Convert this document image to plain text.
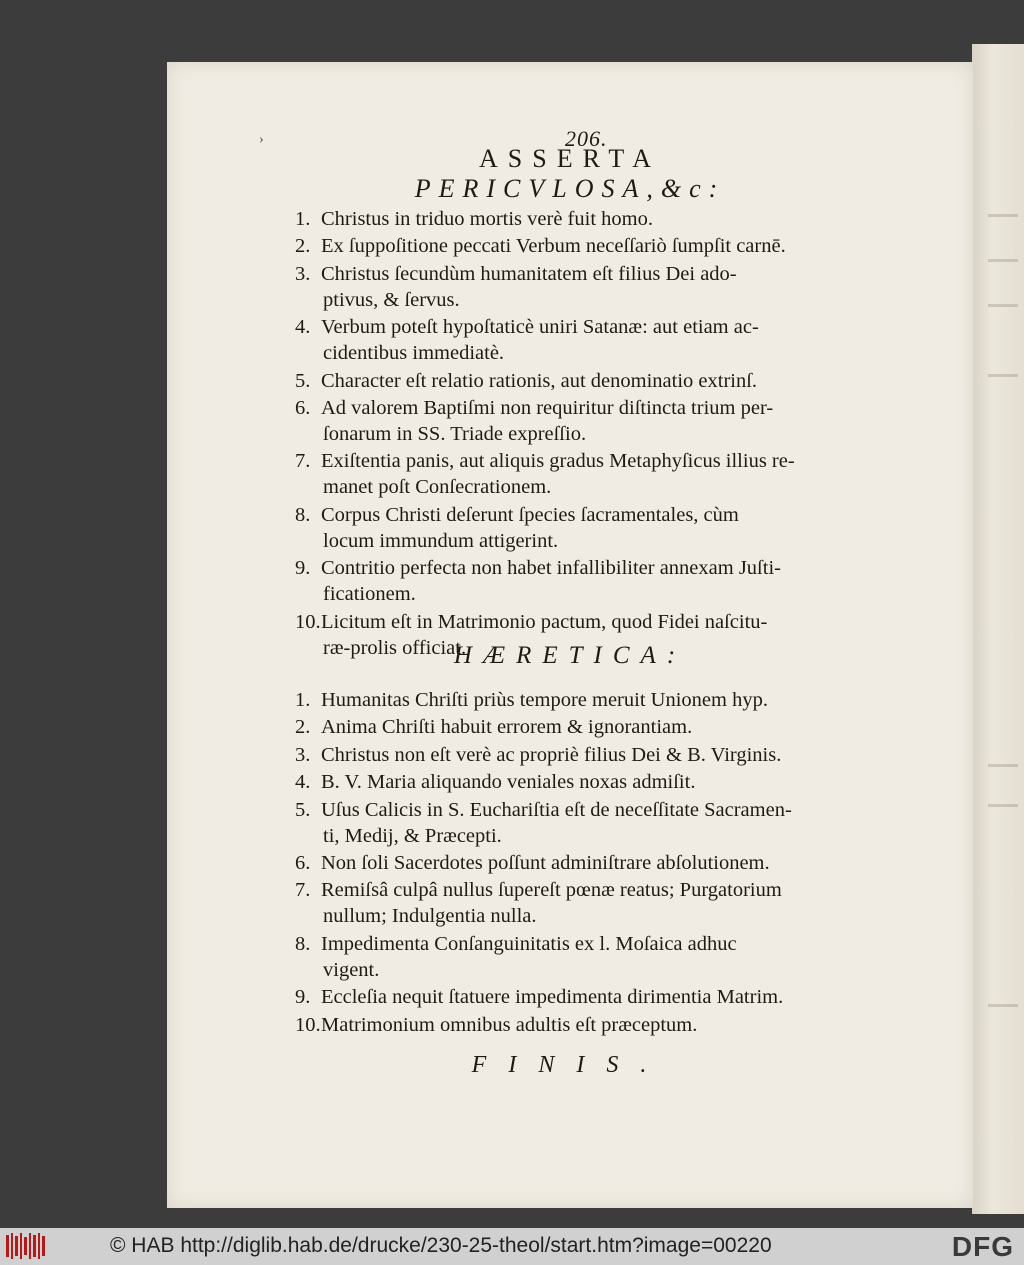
›	206.
ASSERTA
PERICVLOSA,&c:
1. Christus in triduo mortis verè fuit homo.
2. Ex ſuppoſitione peccati Verbum neceſſariò ſumpſit carnē.
3. Christus ſecundùm humanitatem eſt filius Dei ado-
ptivus, & ſervus.
4. Verbum poteſt hypoſtaticè uniri Satanæ: aut etiam ac-
cidentibus immediatè.
5. Character eſt relatio rationis, aut denominatio extrinſ.
6. Ad valorem Baptiſmi non requiritur diſtincta trium per-
ſonarum in SS. Triade expreſſio.
7. Exiſtentia panis, aut aliquis gradus Metaphyſicus illius re-
manet poſt Conſecrationem.
8. Corpus Christi deſerunt ſpecies ſacramentales, cùm
locum immundum attigerint.
9. Contritio perfecta non habet infallibiliter annexam Juſti-
ficationem.
10.Licitum eſt in Matrimonio pactum, quod Fidei naſcitu-
ræ-prolis officiat.
HÆRETICA:
1. Humanitas Chriſti priùs tempore meruit Unionem hyp.
2. Anima Chriſti habuit errorem & ignorantiam.
3. Christus non eſt verè ac propriè filius Dei & B. Virginis.
4. B. V. Maria aliquando veniales noxas admiſit.
5. Uſus Calicis in S. Euchariſtia eſt de neceſſitate Sacramen-
ti, Medij, & Præcepti.
6. Non ſoli Sacerdotes poſſunt adminiſtrare abſolutionem.
7. Remiſsâ culpâ nullus ſupereſt pœnæ reatus; Purgatorium
nullum; Indulgentia nulla.
8. Impedimenta Conſanguinitatis ex l. Moſaica adhuc
vigent.
9. Eccleſia nequit ſtatuere impedimenta dirimentia Matrim.
10.Matrimonium omnibus adultis eſt præceptum.
FINIS.
© HAB http://diglib.hab.de/drucke/230-25-theol/start.htm?image=00220	DFG
